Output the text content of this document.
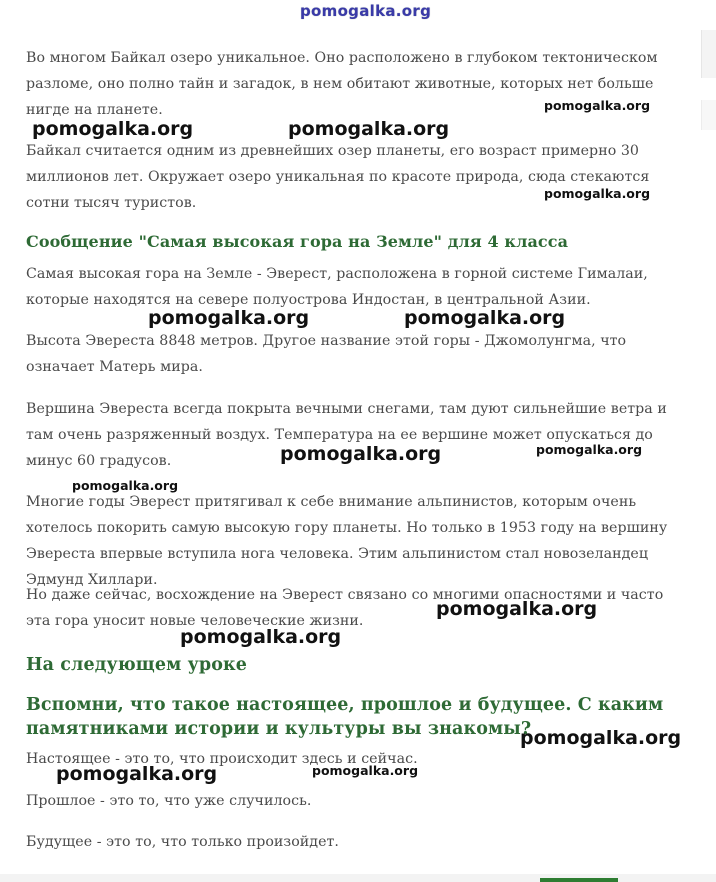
Во многом Байкал озеро уникальное. Оно расположено в глубоком тектоническом разломе, оно полно тайн и загадок, в нем обитают животные, которых нет больше нигде на планете.

Байкал считается одним из древнейших озер планеты, его возраст примерно 30 миллионов лет. Окружает озеро уникальная по красоте природа, сюда стекаются сотни тысяч туристов.

Сообщение "Самая высокая гора на Земле" для 4 класса

Самая высокая гора на Земле - Эверест, расположена в горной системе Гималаи, которые находятся на севере полуострова Индостан, в центральной Азии.

Высота Эвереста 8848 метров. Другое название этой горы - Джомолунгма, что означает Матерь мира.

Вершина Эвереста всегда покрыта вечными снегами, там дуют сильнейшие ветра и там очень разряженный воздух. Температура на ее вершине может опускаться до минус 60 градусов.

Многие годы Эверест притягивал к себе внимание альпинистов, которым очень хотелось покорить самую высокую гору планеты. Но только в 1953 году на вершину Эвереста впервые вступила нога человека. Этим альпинистом стал новозеландец Эдмунд Хиллари.

Но даже сейчас, восхождение на Эверест связано со многими опасностями и часто эта гора уносит новые человеческие жизни.

На следующем уроке
Вспомни, что такое настоящее, прошлое и будущее. С каким памятниками истории и культуры вы знакомы?

Настоящее - это то, что происходит здесь и сейчас.

Прошлое - это то, что уже случилось.

Будущее - это то, что только произойдет.

pomogalka.org
pomogalka.org	pomogalka.org
pomogalka.org
pomogalka.org
pomogalka.org	pomogalka.org
pomogalka.org	pomogalka.org
pomogalka.org
pomogalka.org
pomogalka.org
pomogalka.org
pomogalka.org	pomogalka.org
